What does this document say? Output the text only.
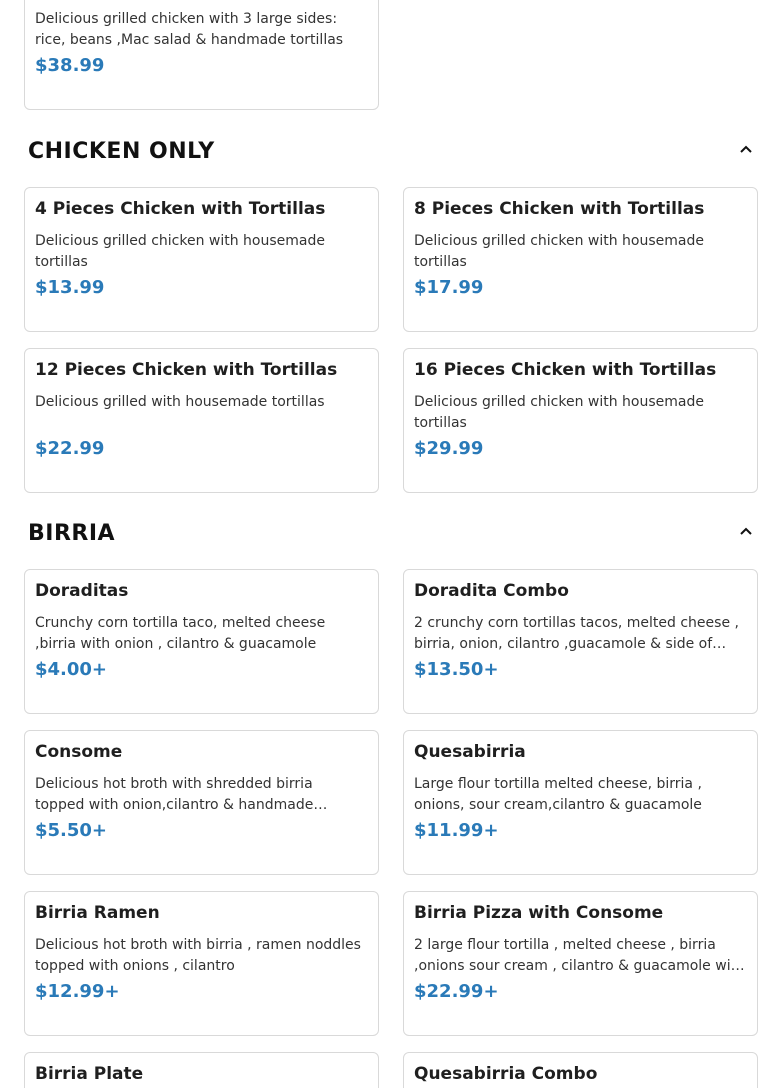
Delicious grilled chicken with 3 large sides: rice, beans ,Mac salad & handmade tortillas
$38.99
CHICKEN ONLY
4 Pieces Chicken with Tortillas
Delicious grilled chicken with housemade tortillas
$13.99
8 Pieces Chicken with Tortillas
Delicious grilled chicken with housemade tortillas
$17.99
12 Pieces Chicken with Tortillas
Delicious grilled with housemade tortillas
$22.99
16 Pieces Chicken with Tortillas
Delicious grilled chicken with housemade tortillas
$29.99
BIRRIA
Doraditas
Crunchy corn tortilla taco, melted cheese ,birria with onion , cilantro & guacamole
$4.00+
Doradita Combo
2 crunchy corn tortillas tacos, melted cheese , birria, onion, cilantro ,guacamole & side of…
$13.50+
Consome
Delicious hot broth with shredded birria topped with onion,cilantro & handmade
$5.50+
Quesabirria
Large flour tortilla melted cheese, birria , onions, sour cream,cilantro & guacamole
$11.99+
Birria Ramen
Delicious hot broth with birria , ramen noddles topped with onions , cilantro
$12.99+
Birria Pizza with Consome
2 large flour tortilla , melted cheese , birria ,onions sour cream , cilantro & guacamole wi…
$22.99+
Birria Plate	Quesabirria Combo
